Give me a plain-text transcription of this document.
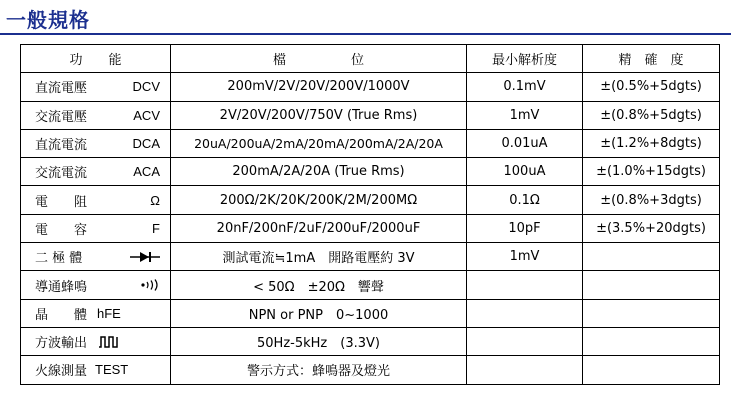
一般規格
功　　能	檔　　　　　位	最小解析度	精　確　度

直流電壓 DCV	200mV/2V/20V/200V/1000V	0.1mV	±(0.5%+5dgts)

交流電壓 ACV	2V/20V/200V/750V (True Rms)	1mV	±(0.8%+5dgts)

直流電流 DCA	20uA/200uA/2mA/20mA/200mA/2A/20A	0.01uA	±(1.2%+8dgts)

交流電流 ACA	200mA/2A/20A (True Rms)	100uA	±(1.0%+15dgts)

電　　阻 Ω	200Ω/2K/20K/200K/2M/200MΩ	0.1Ω	±(0.8%+3dgts)

電　　容 F	20nF/200nF/2uF/200uF/2000uF	10pF	±(3.5%+20dgts)

二 極 體	測試電流≒1mA　開路電壓約 3V	1mV	

導通蜂鳴	< 50Ω　±20Ω　響聲		

晶　　體 hFE	NPN or PNP　0~1000		

方波輸出	50Hz-5kHz　(3.3V)		

火線測量 TEST	警示方式：蜂鳴器及燈光		
